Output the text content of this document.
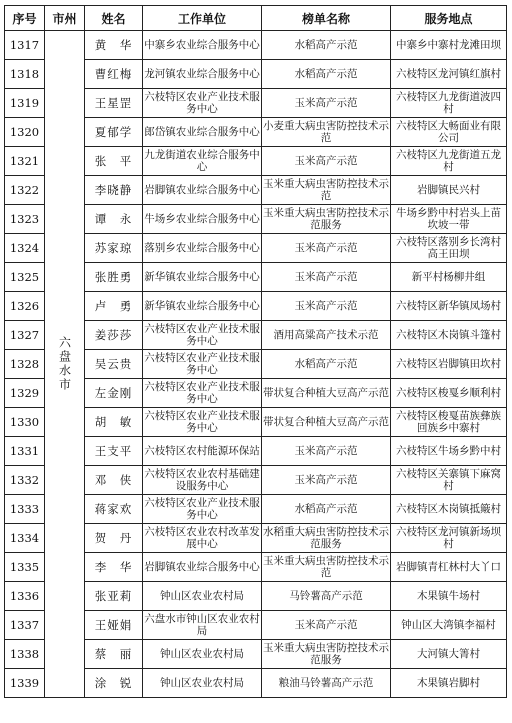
序号	市州	姓名	工作单位	榜单名称	服务地点
1317	六盘水市	黄　华	中寨乡农业综合服务中心	水稻高产示范	中寨乡中寨村龙滩田坝
1318		曹红梅	龙河镇农业综合服务中心	水稻高产示范	六枝特区龙河镇红旗村
1319		王星罡	六枝特区农业产业技术服务中心	玉米高产示范	六枝特区九龙街道波四村
1320		夏郁学	郎岱镇农业综合服务中心	小麦重大病虫害防控技术示范	六枝特区大畅面业有限公司
1321		张　平	九龙街道农业综合服务中心	玉米高产示范	六枝特区九龙街道五龙村
1322		李晓静	岩脚镇农业综合服务中心	玉米重大病虫害防控技术示范	岩脚镇民兴村
1323		谭　永	牛场乡农业综合服务中心	玉米重大病虫害防控技术示范服务	牛场乡黔中村岩头上苗坎坡一带
1324		苏家琼	落别乡农业综合服务中心	玉米高产示范	六枝特区落别乡长湾村高王田坝
1325		张胜勇	新华镇农业综合服务中心	玉米高产示范	新平村杨柳井组
1326		卢　勇	新华镇农业综合服务中心	玉米高产示范	六枝特区新华镇凤场村
1327		姜莎莎	六枝特区农业产业技术服务中心	酒用高粱高产技术示范	六枝特区木岗镇斗篷村
1328		吴云贵	六枝特区农业产业技术服务中心	水稻高产示范	六枝特区岩脚镇田坎村
1329		左金刚	六枝特区农业产业技术服务中心	带状复合种植大豆高产示范	六枝特区梭戛乡顺利村
1330		胡　敏	六枝特区农业产业技术服务中心	带状复合种植大豆高产示范	六枝特区梭戛苗族彝族回族乡中寨村
1331		王支平	六枝特区农村能源环保站	玉米高产示范	六枝特区牛场乡黔中村
1332		邓　侠	六枝特区农业农村基础建设服务中心	玉米高产示范	六枝特区关寨镇下麻窝村
1333		蒋家欢	六枝特区农业产业技术服务中心	水稻高产示范	六枝特区木岗镇抵簸村
1334		贺　丹	六枝特区农业农村改革发展中心	水稻重大病虫害防控技术示范服务	六枝特区龙河镇新场坝村
1335		李　华	岩脚镇农业综合服务中心	玉米重大病虫害防控技术示范	岩脚镇青杠林村大丫口
1336		张亚莉	钟山区农业农村局	马铃薯高产示范	木果镇牛场村
1337		王娅娟	六盘水市钟山区农业农村局	玉米高产示范	钟山区大湾镇李福村
1338		蔡　丽	钟山区农业农村局	玉米重大病虫害防控技术示范服务	大河镇大箐村
1339		涂　锐	钟山区农业农村局	粮油马铃薯高产示范	木果镇岩脚村
